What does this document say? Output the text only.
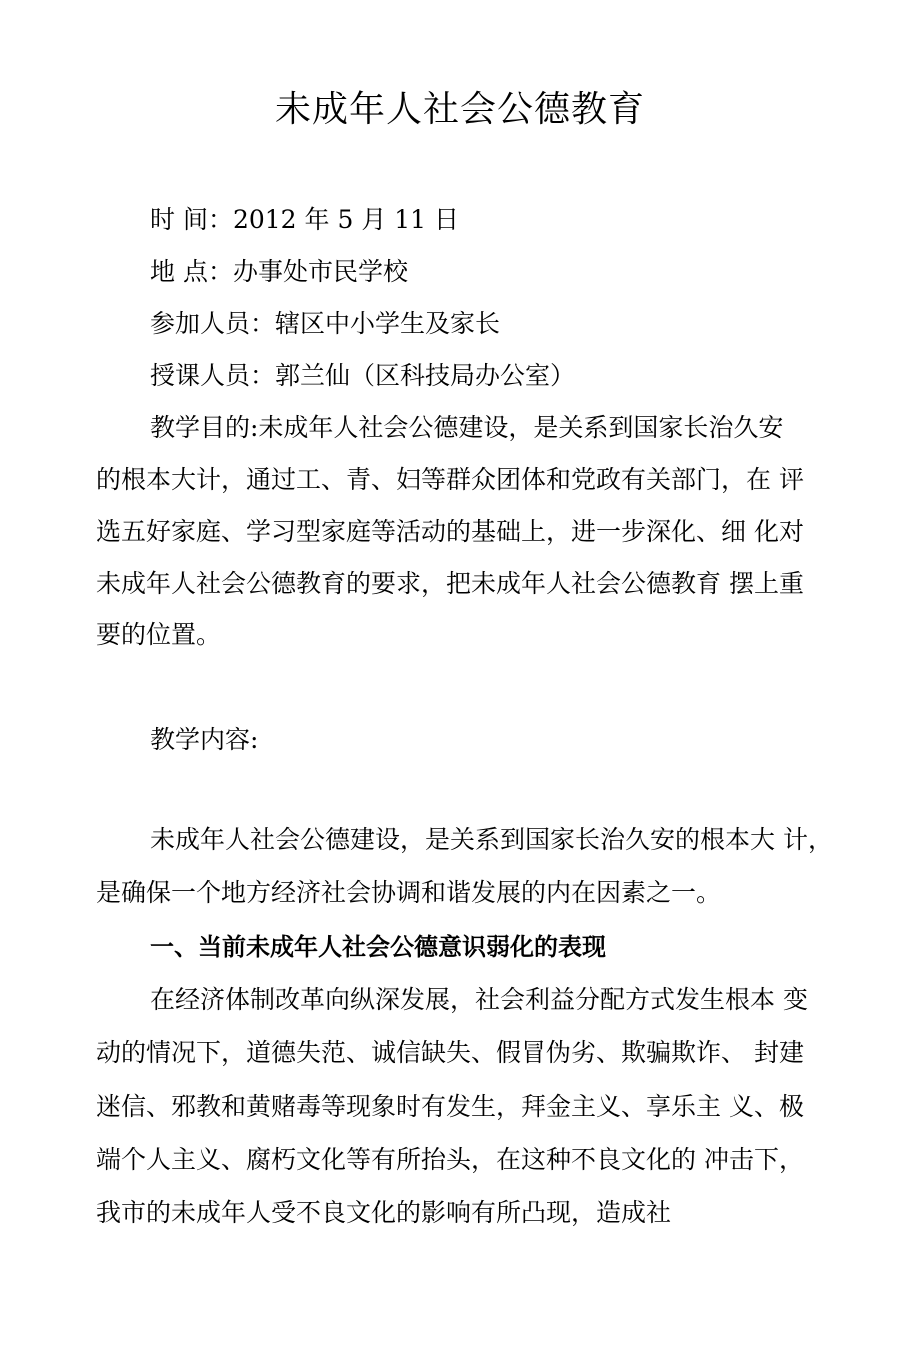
未成年人社会公德教育

时 间：2012 年 5 月 11 日

地 点：办事处市民学校

参加人员：辖区中小学生及家长

授课人员：郭兰仙（区科技局办公室）

教学目的:未成年人社会公德建设，是关系到国家长治久安

的根本大计，通过工、青、妇等群众团体和党政有关部门，在 评

选五好家庭、学习型家庭等活动的基础上，进一步深化、细 化对

未成年人社会公德教育的要求，把未成年人社会公德教育 摆上重

要的位置。

教学内容:

未成年人社会公德建设，是关系到国家长治久安的根本大 计，

是确保一个地方经济社会协调和谐发展的内在因素之一。

一、当前未成年人社会公德意识弱化的表现

在经济体制改革向纵深发展，社会利益分配方式发生根本 变

动的情况下，道德失范、诚信缺失、假冒伪劣、欺骗欺诈、 封建

迷信、邪教和黄赌毒等现象时有发生，拜金主义、享乐主 义、极

端个人主义、腐朽文化等有所抬头，在这种不良文化的 冲击下，

我市的未成年人受不良文化的影响有所凸现，造成社
